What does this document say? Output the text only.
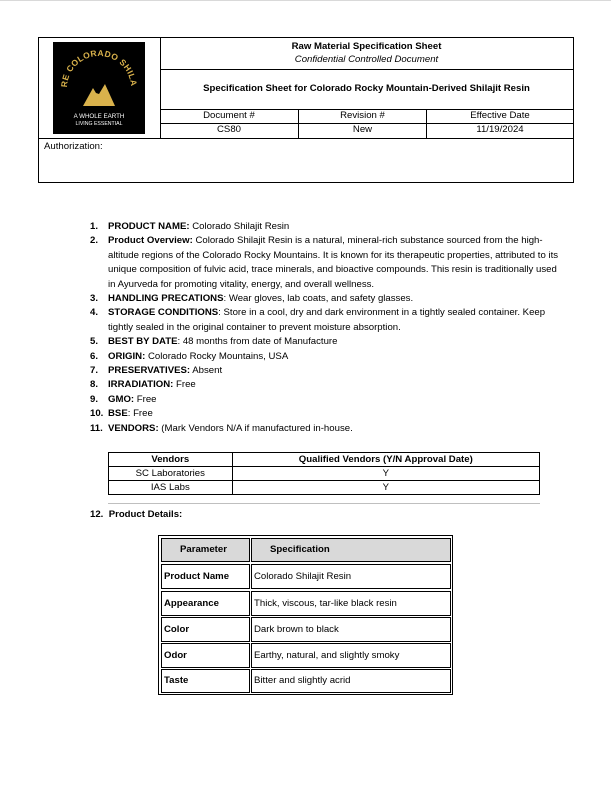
RE COLORADO SHILA
A WHOLE EARTH
LIVING ESSENTIAL
Raw Material Specification Sheet
Confidential Controlled Document
Specification Sheet for Colorado Rocky Mountain-Derived Shilajit Resin
Document #	Revision #	Effective Date
CS80	New	11/19/2024
Authorization:
1. PRODUCT NAME: Colorado Shilajit Resin
2. Product Overview: Colorado Shilajit Resin is a natural, mineral-rich substance sourced from the high-altitude regions of the Colorado Rocky Mountains. It is known for its therapeutic properties, attributed to its unique composition of fulvic acid, trace minerals, and bioactive compounds. This resin is traditionally used in Ayurveda for promoting vitality, energy, and overall wellness.
3. HANDLING PRECATIONS: Wear gloves, lab coats, and safety glasses.
4. STORAGE CONDITIONS: Store in a cool, dry and dark environment in a tightly sealed container. Keep tightly sealed in the original container to prevent moisture absorption.
5. BEST BY DATE: 48 months from date of Manufacture
6. ORIGIN: Colorado Rocky Mountains, USA
7. PRESERVATIVES: Absent
8. IRRADIATION: Free
9. GMO: Free
10. BSE: Free
11. VENDORS: (Mark Vendors N/A if manufactured in-house.
Vendors	Qualified Vendors (Y/N Approval Date)
SC Laboratories	Y
IAS Labs	Y
12. Product Details:
Parameter	Specification
Product Name	Colorado Shilajit Resin
Appearance	Thick, viscous, tar-like black resin
Color	Dark brown to black
Odor	Earthy, natural, and slightly smoky
Taste	Bitter and slightly acrid
